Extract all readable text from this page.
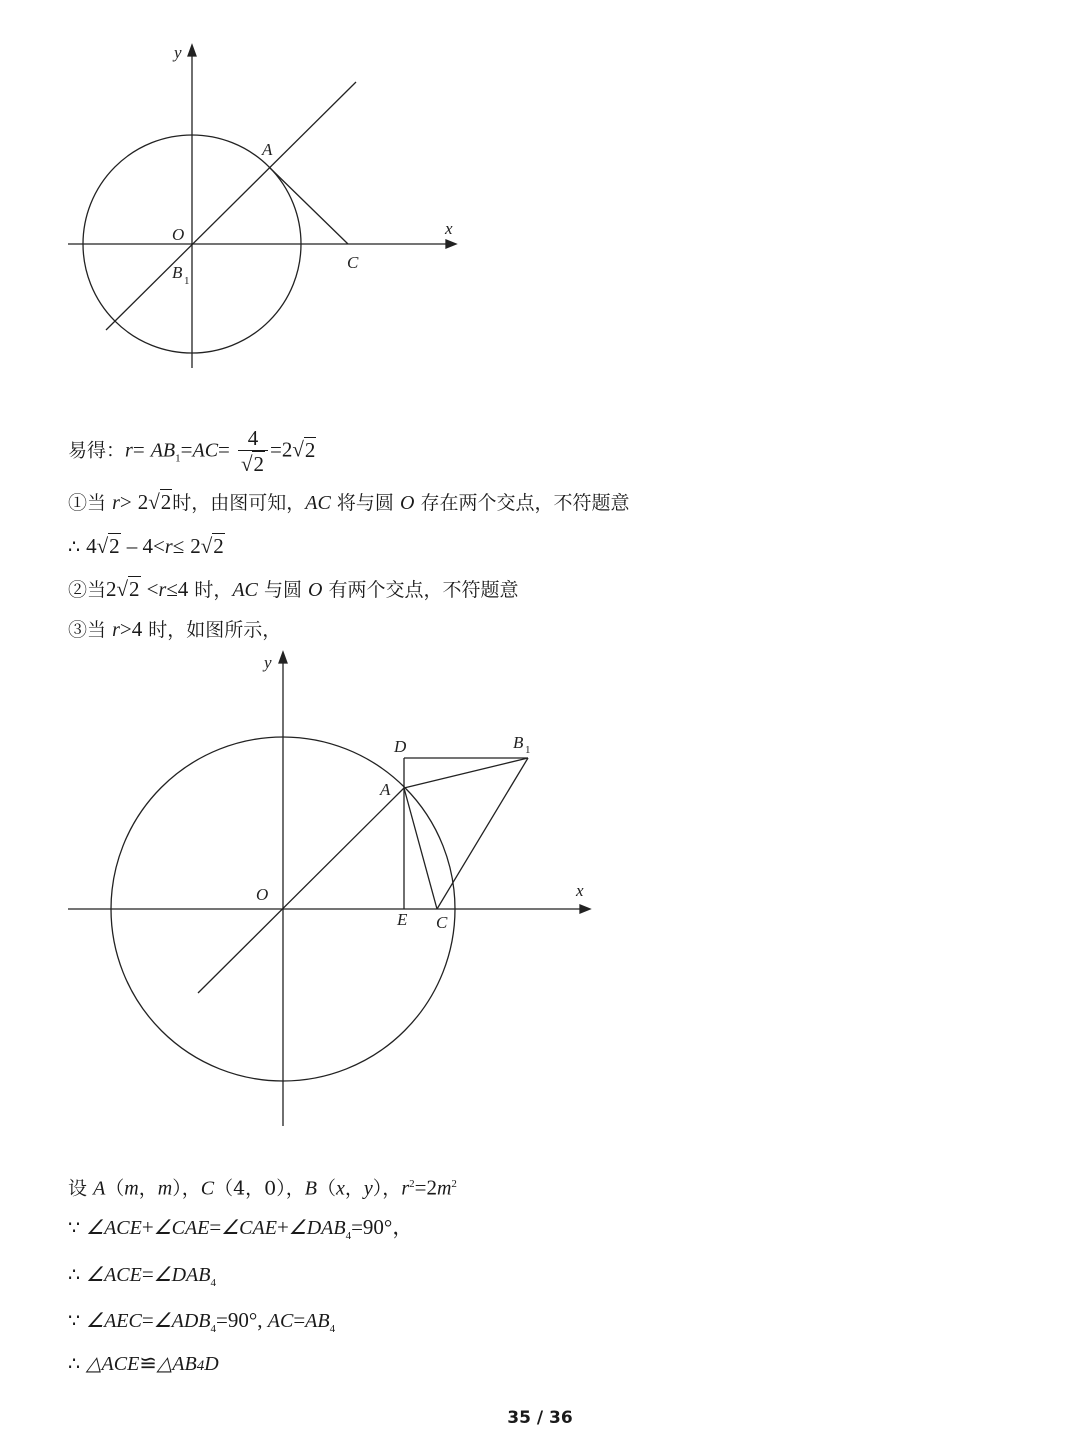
y
x
A
O
C
B 1
易得：$r= AB_1=AC= \frac{4}{√2} =2√2$
①当 r> 2√2时，由图可知，AC 将与圆 O 存在两个交点，不符题意
∴ 4√2 – 4<r≤ 2√2
②当2√2 <r≤4 时，AC 与圆 O 有两个交点，不符题意
③当 r>4 时，如图所示，
y
x
D	B 1
A
O
E C
设 A（m，m），C（4，0），B（x，y），$r^2=2m^2$
∵ $\angle ACE+\angle CAE=\angle CAE+\angle DAB_4=90^\circ$，
∴ $\angle ACE=\angle DAB_4$
∵ $\angle AEC=\angle ADB_4=90^\circ$, $AC=AB_4$
∴ △ACE≌△AB4D
35 / 36
